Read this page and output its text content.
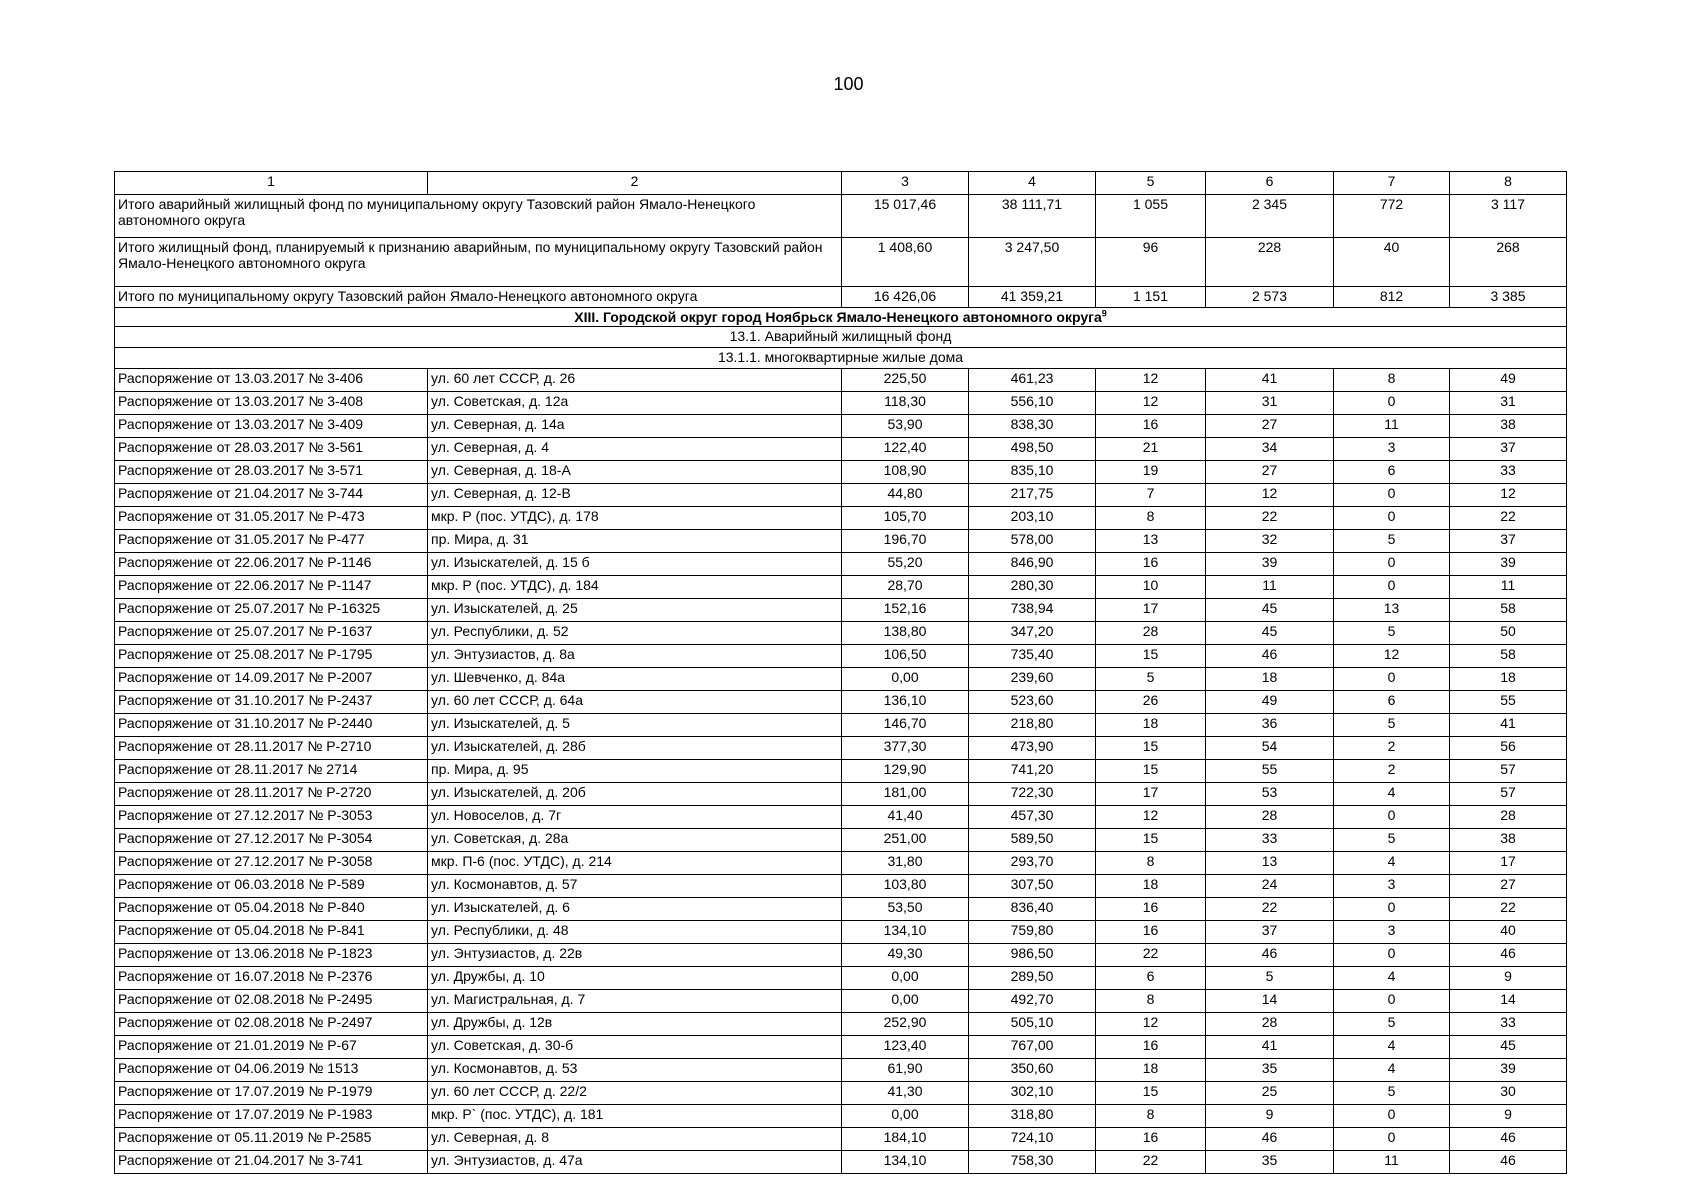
100
1	2	3	4	5	6	7	8
Итого аварийный жилищный фонд по муниципальному округу Тазовский район Ямало-Ненецкого автономного округа		15 017,46	38 111,71	1 055	2 345	772	3 117
Итого жилищный фонд, планируемый к признанию аварийным, по муниципальному округу Тазовский район Ямало-Ненецкого автономного округа		1 408,60	3 247,50	96	228	40	268
Итого по муниципальному округу Тазовский район Ямало-Ненецкого автономного округа		16 426,06	41 359,21	1 151	2 573	812	3 385
XIII. Городской округ город Ноябрьск Ямало-Ненецкого автономного округа$^9$
13.1. Аварийный жилищный фонд							
13.1.1. многоквартирные жилые дома							
Распоряжение от 13.03.2017 № 3-406	ул. 60 лет СССР, д. 26	225,50	461,23	12	41	8	49
Распоряжение от 13.03.2017 № 3-408	ул. Советская, д. 12а	118,30	556,10	12	31	0	31
Распоряжение от 13.03.2017 № 3-409	ул. Северная, д. 14а	53,90	838,30	16	27	11	38
Распоряжение от 28.03.2017 № 3-561	ул. Северная, д. 4	122,40	498,50	21	34	3	37
Распоряжение от 28.03.2017 № 3-571	ул. Северная, д. 18-А	108,90	835,10	19	27	6	33
Распоряжение от 21.04.2017 № 3-744	ул. Северная, д. 12-В	44,80	217,75	7	12	0	12
Распоряжение от 31.05.2017 № Р-473	мкр. Р (пос. УТДС), д. 178	105,70	203,10	8	22	0	22
Распоряжение от 31.05.2017 № Р-477	пр. Мира, д. 31	196,70	578,00	13	32	5	37
Распоряжение от 22.06.2017 № Р-1146	ул. Изыскателей, д. 15 б	55,20	846,90	16	39	0	39
Распоряжение от 22.06.2017 № Р-1147	мкр. Р (пос. УТДС), д. 184	28,70	280,30	10	11	0	11
Распоряжение от 25.07.2017 № Р-16325	ул. Изыскателей, д. 25	152,16	738,94	17	45	13	58
Распоряжение от 25.07.2017 № Р-1637	ул. Республики, д. 52	138,80	347,20	28	45	5	50
Распоряжение от 25.08.2017 № Р-1795	ул. Энтузиастов, д. 8а	106,50	735,40	15	46	12	58
Распоряжение от 14.09.2017 № Р-2007	ул. Шевченко, д. 84а	0,00	239,60	5	18	0	18
Распоряжение от 31.10.2017 № Р-2437	ул. 60 лет СССР, д. 64а	136,10	523,60	26	49	6	55
Распоряжение от 31.10.2017 № Р-2440	ул. Изыскателей, д. 5	146,70	218,80	18	36	5	41
Распоряжение от 28.11.2017 № Р-2710	ул. Изыскателей, д. 28б	377,30	473,90	15	54	2	56
Распоряжение от 28.11.2017 № 2714	пр. Мира, д. 95	129,90	741,20	15	55	2	57
Распоряжение от 28.11.2017 № Р-2720	ул. Изыскателей, д. 20б	181,00	722,30	17	53	4	57
Распоряжение от 27.12.2017 № Р-3053	ул. Новоселов, д. 7г	41,40	457,30	12	28	0	28
Распоряжение от 27.12.2017 № Р-3054	ул. Советская, д. 28а	251,00	589,50	15	33	5	38
Распоряжение от 27.12.2017 № Р-3058	мкр. П-6 (пос. УТДС), д. 214	31,80	293,70	8	13	4	17
Распоряжение от 06.03.2018 № Р-589	ул. Космонавтов, д. 57	103,80	307,50	18	24	3	27
Распоряжение от 05.04.2018 № Р-840	ул. Изыскателей, д. 6	53,50	836,40	16	22	0	22
Распоряжение от 05.04.2018 № Р-841	ул. Республики, д. 48	134,10	759,80	16	37	3	40
Распоряжение от 13.06.2018 № Р-1823	ул. Энтузиастов, д. 22в	49,30	986,50	22	46	0	46
Распоряжение от 16.07.2018 № Р-2376	ул. Дружбы, д. 10	0,00	289,50	6	5	4	9
Распоряжение от 02.08.2018 № Р-2495	ул. Магистральная, д. 7	0,00	492,70	8	14	0	14
Распоряжение от 02.08.2018 № Р-2497	ул. Дружбы, д. 12в	252,90	505,10	12	28	5	33
Распоряжение от 21.01.2019 № Р-67	ул. Советская, д. 30-б	123,40	767,00	16	41	4	45
Распоряжение от 04.06.2019 № 1513	ул. Космонавтов, д. 53	61,90	350,60	18	35	4	39
Распоряжение от 17.07.2019 № Р-1979	ул. 60 лет СССР, д. 22/2	41,30	302,10	15	25	5	30
Распоряжение от 17.07.2019 № Р-1983	мкр. Р` (пос. УТДС), д. 181	0,00	318,80	8	9	0	9
Распоряжение от 05.11.2019 № Р-2585	ул. Северная, д. 8	184,10	724,10	16	46	0	46
Распоряжение от 21.04.2017 № 3-741	ул. Энтузиастов, д. 47а	134,10	758,30	22	35	11	46
